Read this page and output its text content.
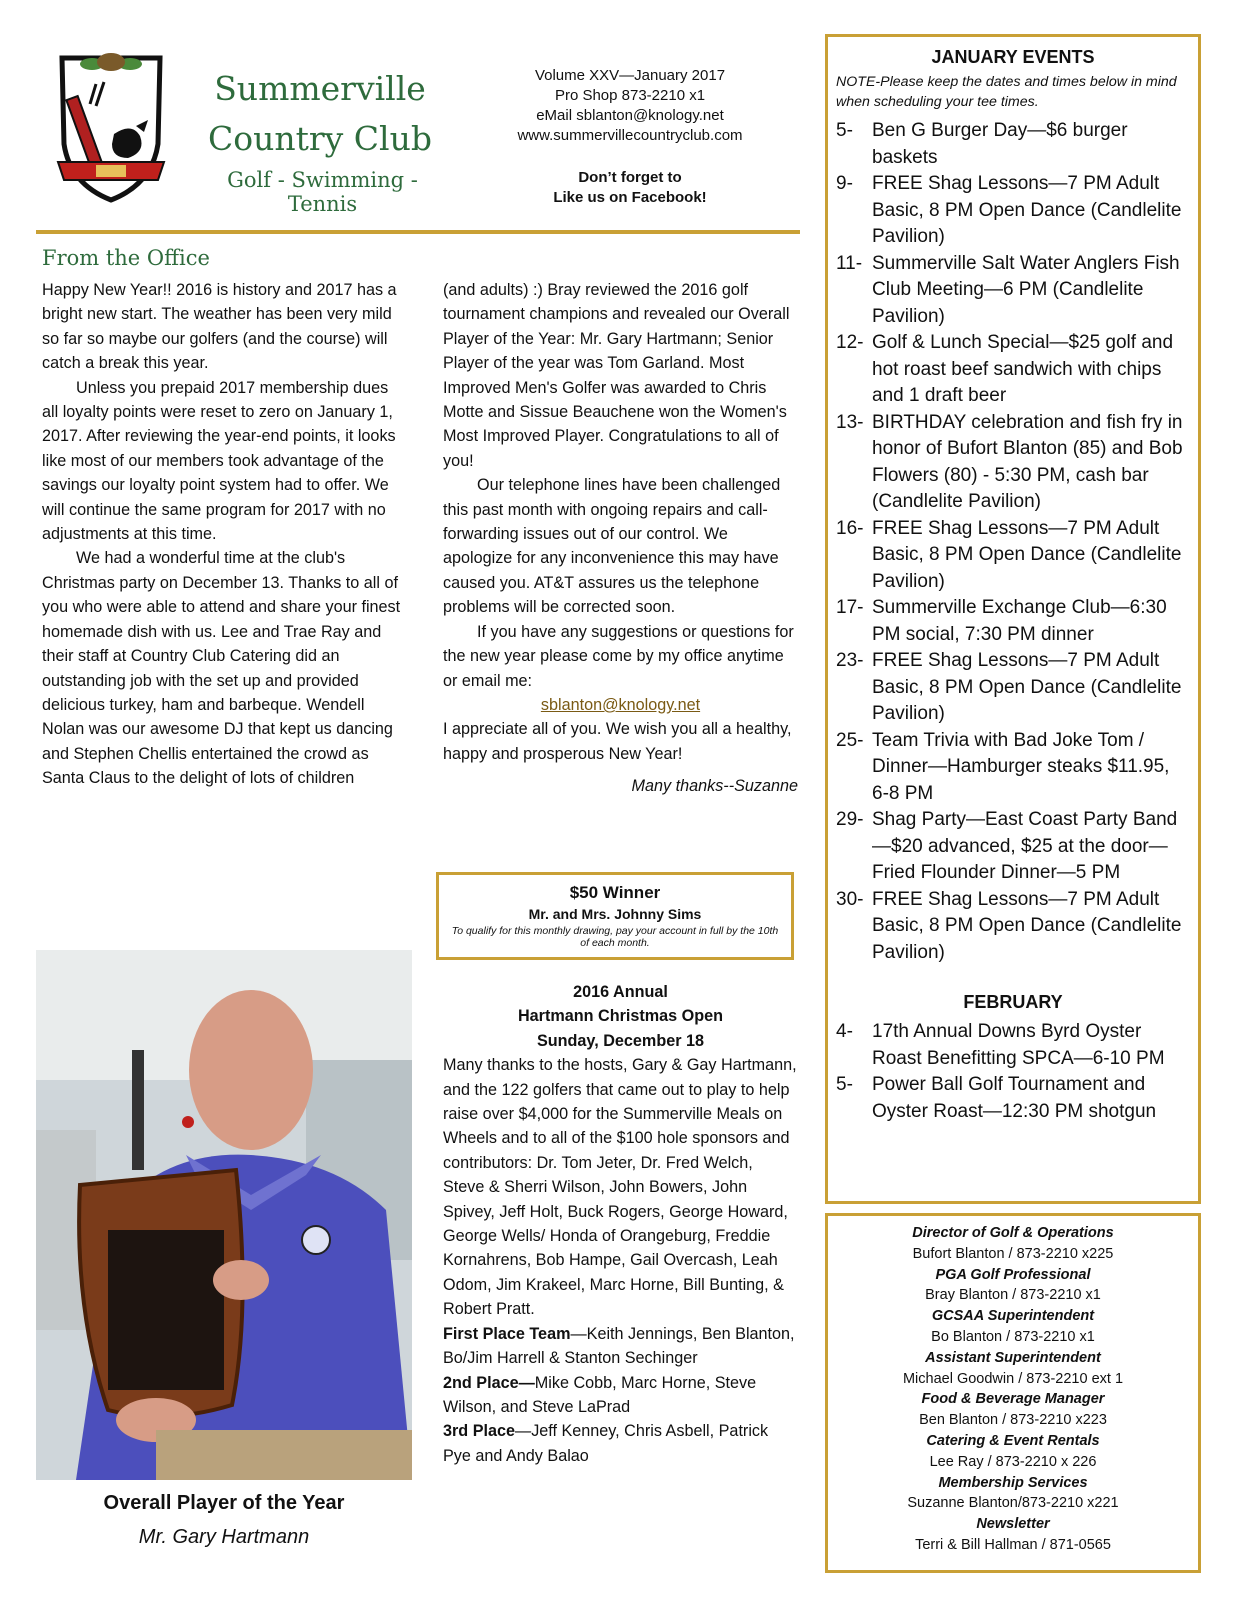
Summerville
Country Club
Golf - Swimming - Tennis
Volume XXV—January 2017
Pro Shop 873-2210 x1
eMail sblanton@knology.net
www.summervillecountryclub.com
Don’t forget to
Like us on Facebook!
From the Office

Happy New Year!! 2016 is history and 2017 has a bright new start. The weather has been very mild so far so maybe our golfers (and the course) will catch a break this year.

Unless you prepaid 2017 membership dues all loyalty points were reset to zero on January 1, 2017. After reviewing the year-end points, it looks like most of our members took advantage of the savings our loyalty point system had to offer. We will continue the same program for 2017 with no adjustments at this time.

We had a wonderful time at the club's Christmas party on December 13. Thanks to all of you who were able to attend and share your finest homemade dish with us. Lee and Trae Ray and their staff at Country Club Catering did an outstanding job with the set up and provided delicious turkey, ham and barbeque. Wendell Nolan was our awesome DJ that kept us dancing and Stephen Chellis entertained the crowd as Santa Claus to the delight of lots of children

(and adults) :) Bray reviewed the 2016 golf tournament champions and revealed our Overall Player of the Year: Mr. Gary Hartmann; Senior Player of the year was Tom Garland. Most Improved Men's Golfer was awarded to Chris Motte and Sissue Beauchene won the Women's Most Improved Player. Congratulations to all of you!

Our telephone lines have been challenged this past month with ongoing repairs and call-forwarding issues out of our control. We apologize for any inconvenience this may have caused you. AT&T assures us the telephone problems will be corrected soon.

If you have any suggestions or questions for the new year please come by my office anytime or email me:

sblanton@knology.net

I appreciate all of you. We wish you all a healthy, happy and prosperous New Year!

Many thanks--Suzanne

$50 Winner
Mr. and Mrs. Johnny Sims
To qualify for this monthly drawing, pay your account in full by the 10th of each month.
2016 Annual
Hartmann Christmas Open
Sunday, December 18

Many thanks to the hosts, Gary & Gay Hartmann, and the 122 golfers that came out to play to help raise over $4,000 for the Summerville Meals on Wheels and to all of the $100 hole sponsors and contributors: Dr. Tom Jeter, Dr. Fred Welch, Steve & Sherri Wilson, John Bowers, John Spivey, Jeff Holt, Buck Rogers, George Howard, George Wells/ Honda of Orangeburg, Freddie Kornahrens, Bob Hampe, Gail Overcash, Leah Odom, Jim Krakeel, Marc Horne, Bill Bunting, & Robert Pratt.

First Place Team—Keith Jennings, Ben Blanton, Bo/Jim Harrell & Stanton Sechinger

2nd Place—Mike Cobb, Marc Horne, Steve Wilson, and Steve LaPrad

3rd Place—Jeff Kenney, Chris Asbell, Patrick Pye and Andy Balao

Overall Player of the Year
Mr. Gary Hartmann
JANUARY EVENTS
NOTE-Please keep the dates and times below in mind when scheduling your tee times.
5-	Ben G Burger Day—$6 burger baskets
9-	FREE Shag Lessons—7 PM Adult Basic, 8 PM Open Dance (Candlelite Pavilion)
11- Summerville Salt Water Anglers Fish Club Meeting—6 PM (Candlelite Pavilion)
12- Golf & Lunch Special—$25 golf and hot roast beef sandwich with chips and 1 draft beer
13- BIRTHDAY celebration and fish fry in honor of Bufort Blanton (85) and Bob Flowers (80) - 5:30 PM, cash bar (Candlelite Pavilion)
16- FREE Shag Lessons—7 PM Adult Basic, 8 PM Open Dance (Candlelite Pavilion)
17- Summerville Exchange Club—6:30 PM social, 7:30 PM dinner
23- FREE Shag Lessons—7 PM Adult Basic, 8 PM Open Dance (Candlelite Pavilion)
25- Team Trivia with Bad Joke Tom / Dinner—Hamburger steaks $11.95, 6-8 PM
29- Shag Party—East Coast Party Band—$20 advanced, $25 at the door—Fried Flounder Dinner—5 PM
30- FREE Shag Lessons—7 PM Adult Basic, 8 PM Open Dance (Candlelite Pavilion)
FEBRUARY
4-	17th Annual Downs Byrd Oyster Roast Benefitting SPCA—6-10 PM
5-	Power Ball Golf Tournament and Oyster Roast—12:30 PM shotgun
Director of Golf & Operations
Bufort Blanton / 873-2210 x225
PGA Golf Professional
Bray Blanton / 873-2210 x1
GCSAA Superintendent
Bo Blanton / 873-2210 x1
Assistant Superintendent
Michael Goodwin / 873-2210 ext 1
Food & Beverage Manager
Ben Blanton / 873-2210 x223
Catering & Event Rentals
Lee Ray / 873-2210 x 226
Membership Services
Suzanne Blanton/873-2210 x221
Newsletter
Terri & Bill Hallman / 871-0565
